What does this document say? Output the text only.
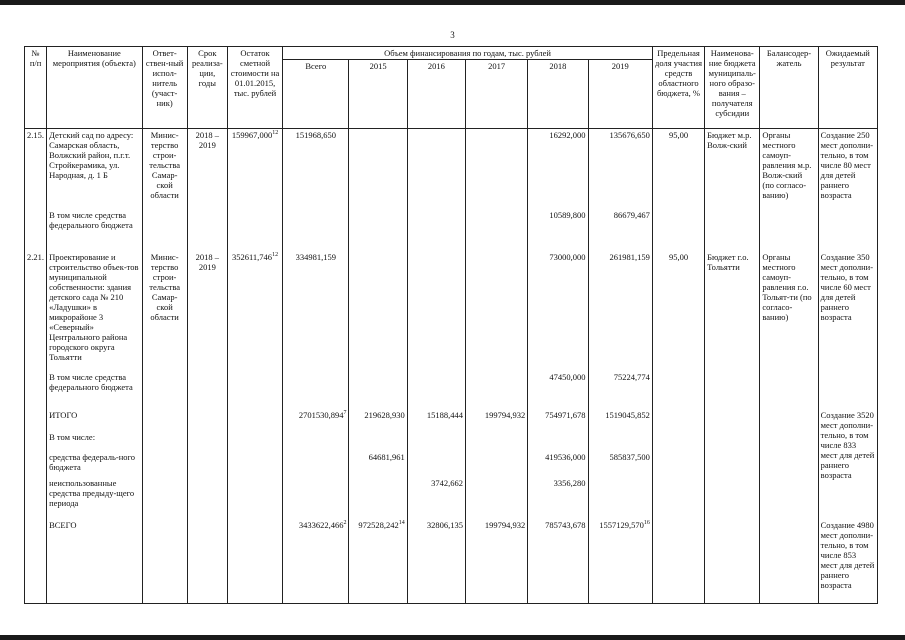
3
№ п/п	Наименование мероприятия (объекта)	Ответ-ствен-ный испол-нитель (участ-ник)	Срок реализа-ции, годы	Остаток сметной стоимости на 01.01.2015, тыс. рублей	Объем финансирования по годам, тыс. рублей						Предельная доля участия средств областного бюджета, %	Наименова-ние бюджета муниципаль-ного образо-вания – получателя субсидии	Балансодер-жатель	Ожидаемый результат
					Всего	2015	2016	2017	2018	2019				
2.15.	Детский сад по адресу: Самарская область, Волжский район, п.г.т. Стройкерамика, ул. Народная, д. 1 Б	Минис-терство строи-тельства Самар-ской области	2018 – 2019	159967,000$^{12}$	151968,650				16292,000	135676,650	95,00	Бюджет м.р. Волж-ский	Органы местного самоуп-равления м.р. Волж-ский (по согласо-ванию)	Создание 250 мест дополни-тельно, в том числе 80 мест для детей раннего возраста
	В том числе средства федерального бюджета								10589,800	86679,467				
2.21.	Проектирование и строительство объек-тов муниципальной собственности: здания детского сада № 210 «Ладушки» в микрорайоне 3 «Северный» Центрального района городского округа Тольятти	Минис-терство строи-тельства Самар-ской области	2018 – 2019	352611,746$^{12}$	334981,159				73000,000	261981,159	95,00	Бюджет г.о. Тольятти	Органы местного самоуп-равления г.о. Тольят-ти (по согласо-ванию)	Создание 350 мест дополни-тельно, в том числе 60 мест для детей раннего возраста
	В том числе средства федерального бюджета								47450,000	75224,774				
	ИТОГО				2701530,894$^7$	219628,930	15188,444	199794,932	754971,678	1519045,852				Создание 3520 мест дополни-тельно, в том числе 833 мест для детей раннего возраста
	В том числе:													
	средства федераль-ного бюджета					64681,961			419536,000	585837,500				
	неиспользованные средства предыду-щего периода						3742,662		3356,280					
	ВСЕГО				3433622,466$^2$	972528,242$^{14}$	32806,135	199794,932	785743,678	1557129,570$^{16}$				Создание 4980 мест дополни-тельно, в том числе 853 мест для детей раннего возраста
